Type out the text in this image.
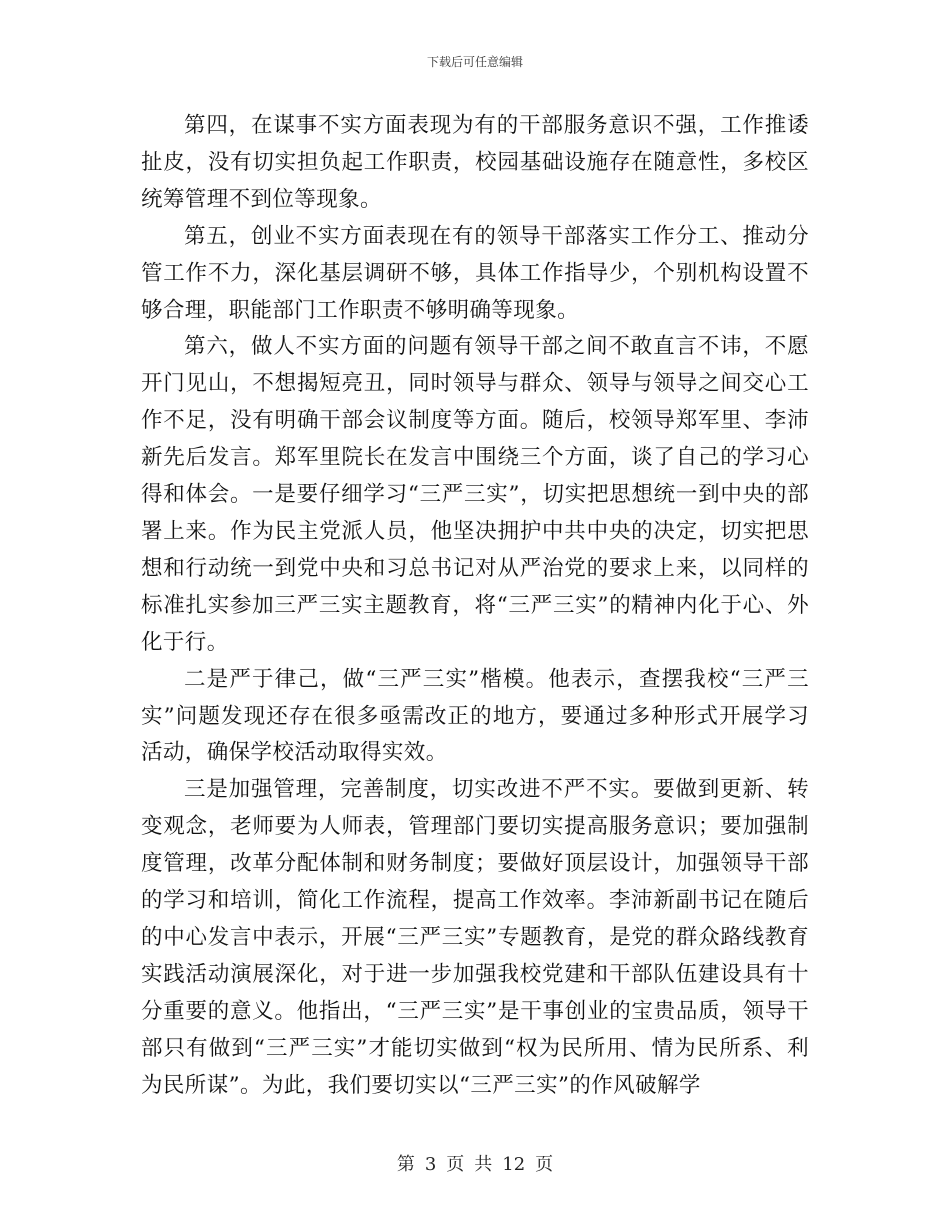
下载后可任意编辑

第四，在谋事不实方面表现为有的干部服务意识不强，工作推诿扯皮，没有切实担负起工作职责，校园基础设施存在随意性，多校区统筹管理不到位等现象。

第五，创业不实方面表现在有的领导干部落实工作分工、推动分管工作不力，深化基层调研不够，具体工作指导少，个别机构设置不够合理，职能部门工作职责不够明确等现象。

第六，做人不实方面的问题有领导干部之间不敢直言不讳，不愿开门见山，不想揭短亮丑，同时领导与群众、领导与领导之间交心工作不足，没有明确干部会议制度等方面。随后，校领导郑军里、李沛新先后发言。郑军里院长在发言中围绕三个方面，谈了自己的学习心得和体会。一是要仔细学习“三严三实”，切实把思想统一到中央的部署上来。作为民主党派人员，他坚决拥护中共中央的决定，切实把思想和行动统一到党中央和习总书记对从严治党的要求上来，以同样的标准扎实参加三严三实主题教育，将“三严三实”的精神内化于心、外化于行。

二是严于律己，做“三严三实”楷模。他表示，查摆我校“三严三实”问题发现还存在很多亟需改正的地方，要通过多种形式开展学习活动，确保学校活动取得实效。

三是加强管理，完善制度，切实改进不严不实。要做到更新、转变观念，老师要为人师表，管理部门要切实提高服务意识；要加强制度管理，改革分配体制和财务制度；要做好顶层设计，加强领导干部的学习和培训，简化工作流程，提高工作效率。李沛新副书记在随后的中心发言中表示，开展“三严三实”专题教育，是党的群众路线教育实践活动演展深化，对于进一步加强我校党建和干部队伍建设具有十分重要的意义。他指出，“三严三实”是干事创业的宝贵品质，领导干部只有做到“三严三实”才能切实做到“权为民所用、情为民所系、利为民所谋”。为此，我们要切实以“三严三实”的作风破解学

第 3 页 共 12 页
